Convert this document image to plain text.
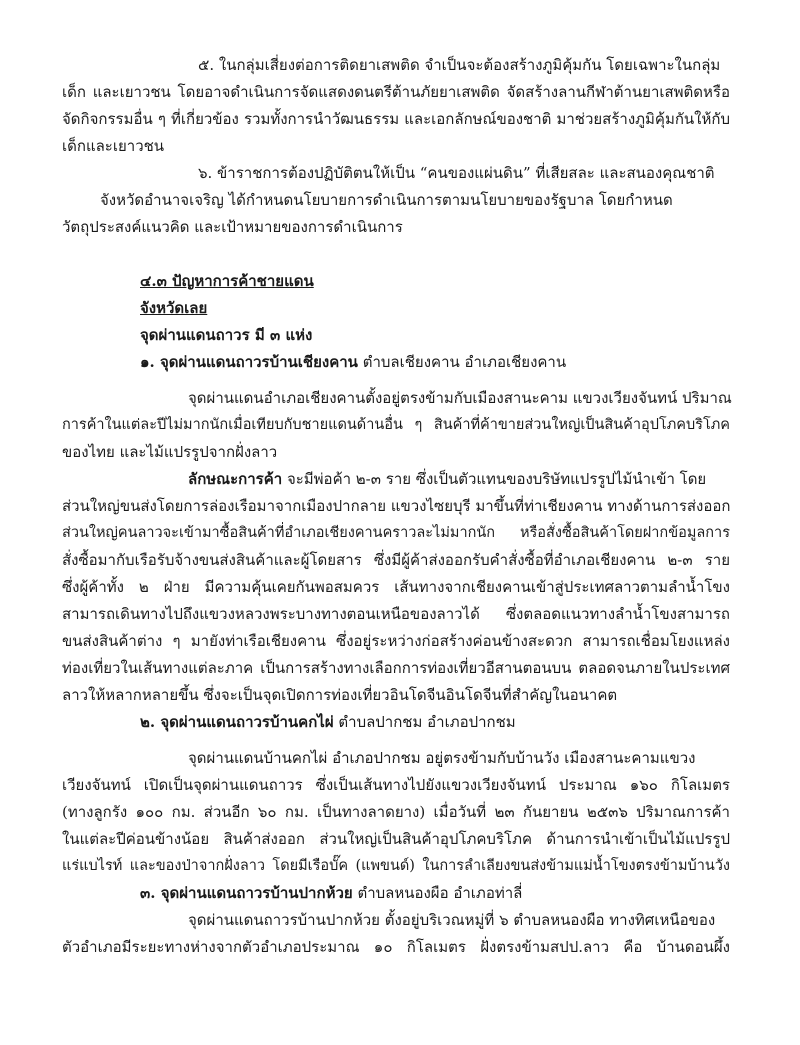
๕. ในกลุ่มเสี่ยงต่อการติดยาเสพติด จำเป็นจะต้องสร้างภูมิคุ้มกัน โดยเฉพาะในกลุ่ม
เด็ก และเยาวชน โดยอาจดำเนินการจัดแสดงดนตรีต้านภัยยาเสพติด จัดสร้างลานกีฬาต้านยาเสพติดหรือ
จัดกิจกรรมอื่น ๆ ที่เกี่ยวข้อง รวมทั้งการนำวัฒนธรรม และเอกลักษณ์ของชาติ มาช่วยสร้างภูมิคุ้มกันให้กับ
เด็กและเยาวชน
๖. ข้าราชการต้องปฏิบัติตนให้เป็น “คนของแผ่นดิน” ที่เสียสละ และสนองคุณชาติ
จังหวัดอำนาจเจริญ ได้กำหนดนโยบายการดำเนินการตามนโยบายของรัฐบาล โดยกำหนด
วัตถุประสงค์แนวคิด และเป้าหมายของการดำเนินการ
๔.๓ ปัญหาการค้าชายแดน
จังหวัดเลย
จุดผ่านแดนถาวร มี ๓ แห่ง
๑. จุดผ่านแดนถาวรบ้านเชียงคาน ตำบลเชียงคาน อำเภอเชียงคาน
จุดผ่านแดนอำเภอเชียงคานตั้งอยู่ตรงข้ามกับเมืองสานะคาม แขวงเวียงจันทน์ ปริมาณ
การค้าในแต่ละปีไม่มากนักเมื่อเทียบกับชายแดนด้านอื่น ๆ สินค้าที่ค้าขายส่วนใหญ่เป็นสินค้าอุปโภคบริโภค
ของไทย และไม้แปรรูปจากฝั่งลาว
ลักษณะการค้า จะมีพ่อค้า ๒-๓ ราย ซึ่งเป็นตัวแทนของบริษัทแปรรูปไม้นำเข้า โดย
ส่วนใหญ่ขนส่งโดยการล่องเรือมาจากเมืองปากลาย แขวงไซยบุรี มาขึ้นที่ท่าเชียงคาน ทางด้านการส่งออก
ส่วนใหญ่คนลาวจะเข้ามาซื้อสินค้าที่อำเภอเชียงคานคราวละไม่มากนัก หรือสั่งซื้อสินค้าโดยฝากข้อมูลการ
สั่งซื้อมากับเรือรับจ้างขนส่งสินค้าและผู้โดยสาร ซึ่งมีผู้ค้าส่งออกรับคำสั่งซื้อที่อำเภอเชียงคาน ๒-๓ ราย
ซึ่งผู้ค้าทั้ง ๒ ฝ่าย มีความคุ้นเคยกันพอสมควร เส้นทางจากเชียงคานเข้าสู่ประเทศลาวตามลำน้ำโขง
สามารถเดินทางไปถึงแขวงหลวงพระบางทางตอนเหนือของลาวได้ ซึ่งตลอดแนวทางลำน้ำโขงสามารถ
ขนส่งสินค้าต่าง ๆ มายังท่าเรือเชียงคาน ซึ่งอยู่ระหว่างก่อสร้างค่อนข้างสะดวก สามารถเชื่อมโยงแหล่ง
ท่องเที่ยวในเส้นทางแต่ละภาค เป็นการสร้างทางเลือกการท่องเที่ยวอีสานตอนบน ตลอดจนภายในประเทศ
ลาวให้หลากหลายขึ้น ซึ่งจะเป็นจุดเปิดการท่องเที่ยวอินโดจีนอินโดจีนที่สำคัญในอนาคต
๒. จุดผ่านแดนถาวรบ้านคกไผ่ ตำบลปากชม อำเภอปากชม
จุดผ่านแดนบ้านคกไผ่ อำเภอปากชม อยู่ตรงข้ามกับบ้านวัง เมืองสานะคามแขวง
เวียงจันทน์ เปิดเป็นจุดผ่านแดนถาวร ซึ่งเป็นเส้นทางไปยังแขวงเวียงจันทน์ ประมาณ ๑๖๐ กิโลเมตร
(ทางลูกรัง ๑๐๐ กม. ส่วนอีก ๖๐ กม. เป็นทางลาดยาง) เมื่อวันที่ ๒๓ กันยายน ๒๕๓๖ ปริมาณการค้า
ในแต่ละปีค่อนข้างน้อย สินค้าส่งออก ส่วนใหญ่เป็นสินค้าอุปโภคบริโภค ด้านการนำเข้าเป็นไม้แปรรูป
แร่แบไรท์ และของป่าจากฝั่งลาว โดยมีเรือบั๊ค (แพขนด์) ในการลำเลียงขนส่งข้ามแม่น้ำโขงตรงข้ามบ้านวัง
๓. จุดผ่านแดนถาวรบ้านปากห้วย ตำบลหนองผือ อำเภอท่าลี่
จุดผ่านแดนถาวรบ้านปากห้วย ตั้งอยู่บริเวณหมู่ที่ ๖ ตำบลหนองผือ ทางทิศเหนือของ
ตัวอำเภอมีระยะทางห่างจากตัวอำเภอประมาณ ๑๐ กิโลเมตร ฝั่งตรงข้ามสปป.ลาว คือ บ้านดอนผึ้ง
